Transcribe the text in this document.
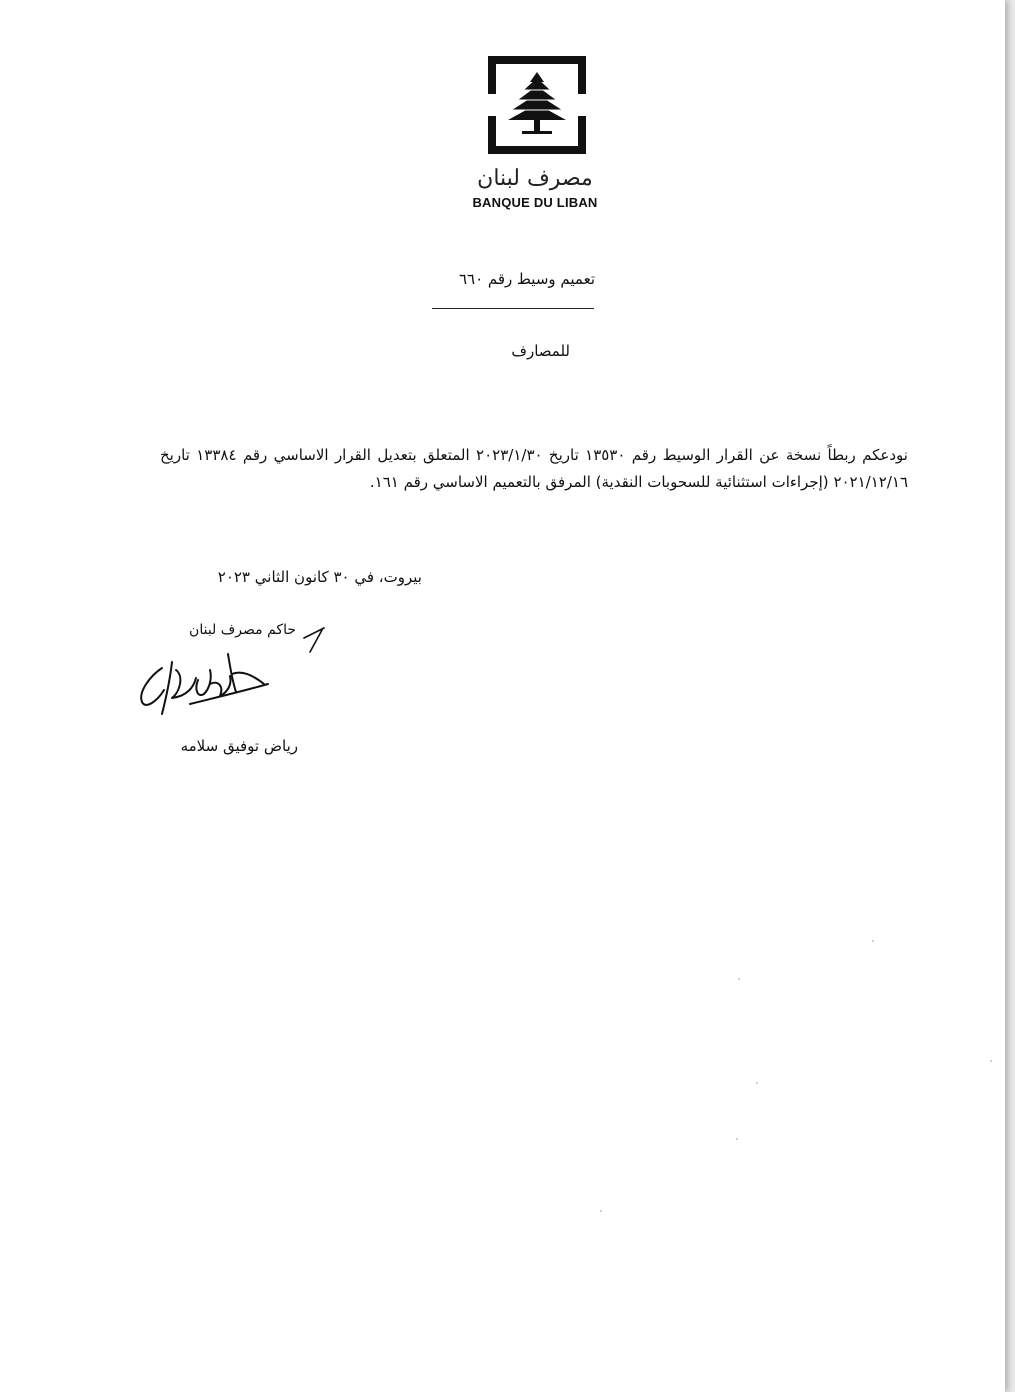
مصرف لبنان
BANQUE DU LIBAN
تعميم وسيط رقم ٦٦٠
للمصارف
نودعكم ربطاً نسخة عن القرار الوسيط رقم ١٣٥٣٠ تاريخ ٢٠٢٣/١/٣٠ المتعلق بتعديل القرار الاساسي رقم ١٣٣٨٤ تاريخ ٢٠٢١/١٢/١٦ (إجراءات استثنائية للسحوبات النقدية) المرفق بالتعميم الاساسي رقم ١٦١.
بيروت، في ٣٠ كانون الثاني ٢٠٢٣
حاكم مصرف لبنان
رياض توفيق سلامه
